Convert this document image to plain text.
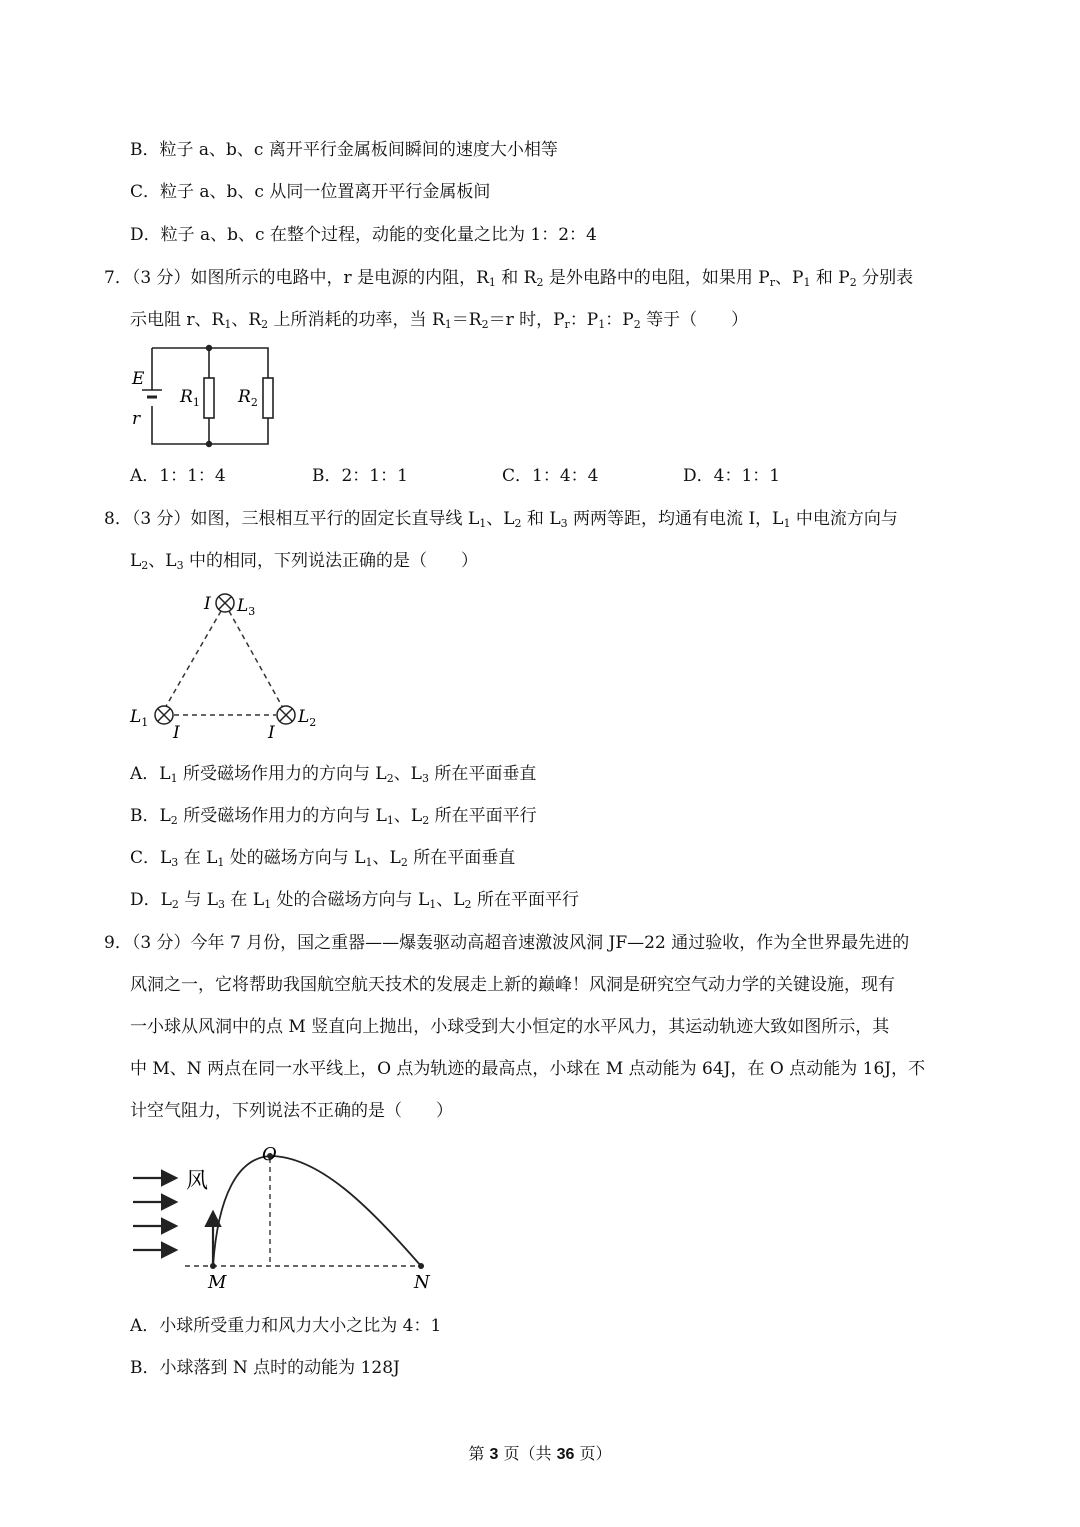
B．粒子 a、b、c 离开平行金属板间瞬间的速度大小相等
C．粒子 a、b、c 从同一位置离开平行金属板间
D．粒子 a、b、c 在整个过程，动能的变化量之比为 1：2：4
7．（3 分）如图所示的电路中，r 是电源的内阻，$R_1$ 和 $R_2$ 是外电路中的电阻，如果用 $P_r$、$P_1$ 和 $P_2$ 分别表
示电阻 r、$R_1$、$R_2$ 上所消耗的功率，当 $R_1=R_2=r$ 时，$P_r$：$P_1$：$P_2$ 等于（　　）
E
r
$R_1$ $R_2$
A．1：1：4	B．2：1：1	C．1：4：4	D．4：1：1
8．（3 分）如图，三根相互平行的固定长直导线 $L_1$、$L_2$ 和 $L_3$ 两两等距，均通有电流 I，$L_1$ 中电流方向与
$L_2$、$L_3$ 中的相同，下列说法正确的是（　　）
I $L_3$
$L_1$
I
$L_2$
I
A．$L_1$ 所受磁场作用力的方向与 $L_2$、$L_3$ 所在平面垂直
B．$L_2$ 所受磁场作用力的方向与 $L_1$、$L_2$ 所在平面平行
C．$L_3$ 在 $L_1$ 处的磁场方向与 $L_1$、$L_2$ 所在平面垂直
D．$L_2$ 与 $L_3$ 在 $L_1$ 处的合磁场方向与 $L_1$、$L_2$ 所在平面平行
9．（3 分）今年 7 月份，国之重器——爆轰驱动高超音速激波风洞 JF—22 通过验收，作为全世界最先进的
风洞之一，它将帮助我国航空航天技术的发展走上新的巅峰！风洞是研究空气动力学的关键设施，现有
一小球从风洞中的点 M 竖直向上抛出，小球受到大小恒定的水平风力，其运动轨迹大致如图所示，其
中 M、N 两点在同一水平线上，O 点为轨迹的最高点，小球在 M 点动能为 64J，在 O 点动能为 16J，不
计空气阻力，下列说法不正确的是（　　）
风
O
M	N
A．小球所受重力和风力大小之比为 4：1
B．小球落到 N 点时的动能为 128J
第 3 页（共 36 页）
